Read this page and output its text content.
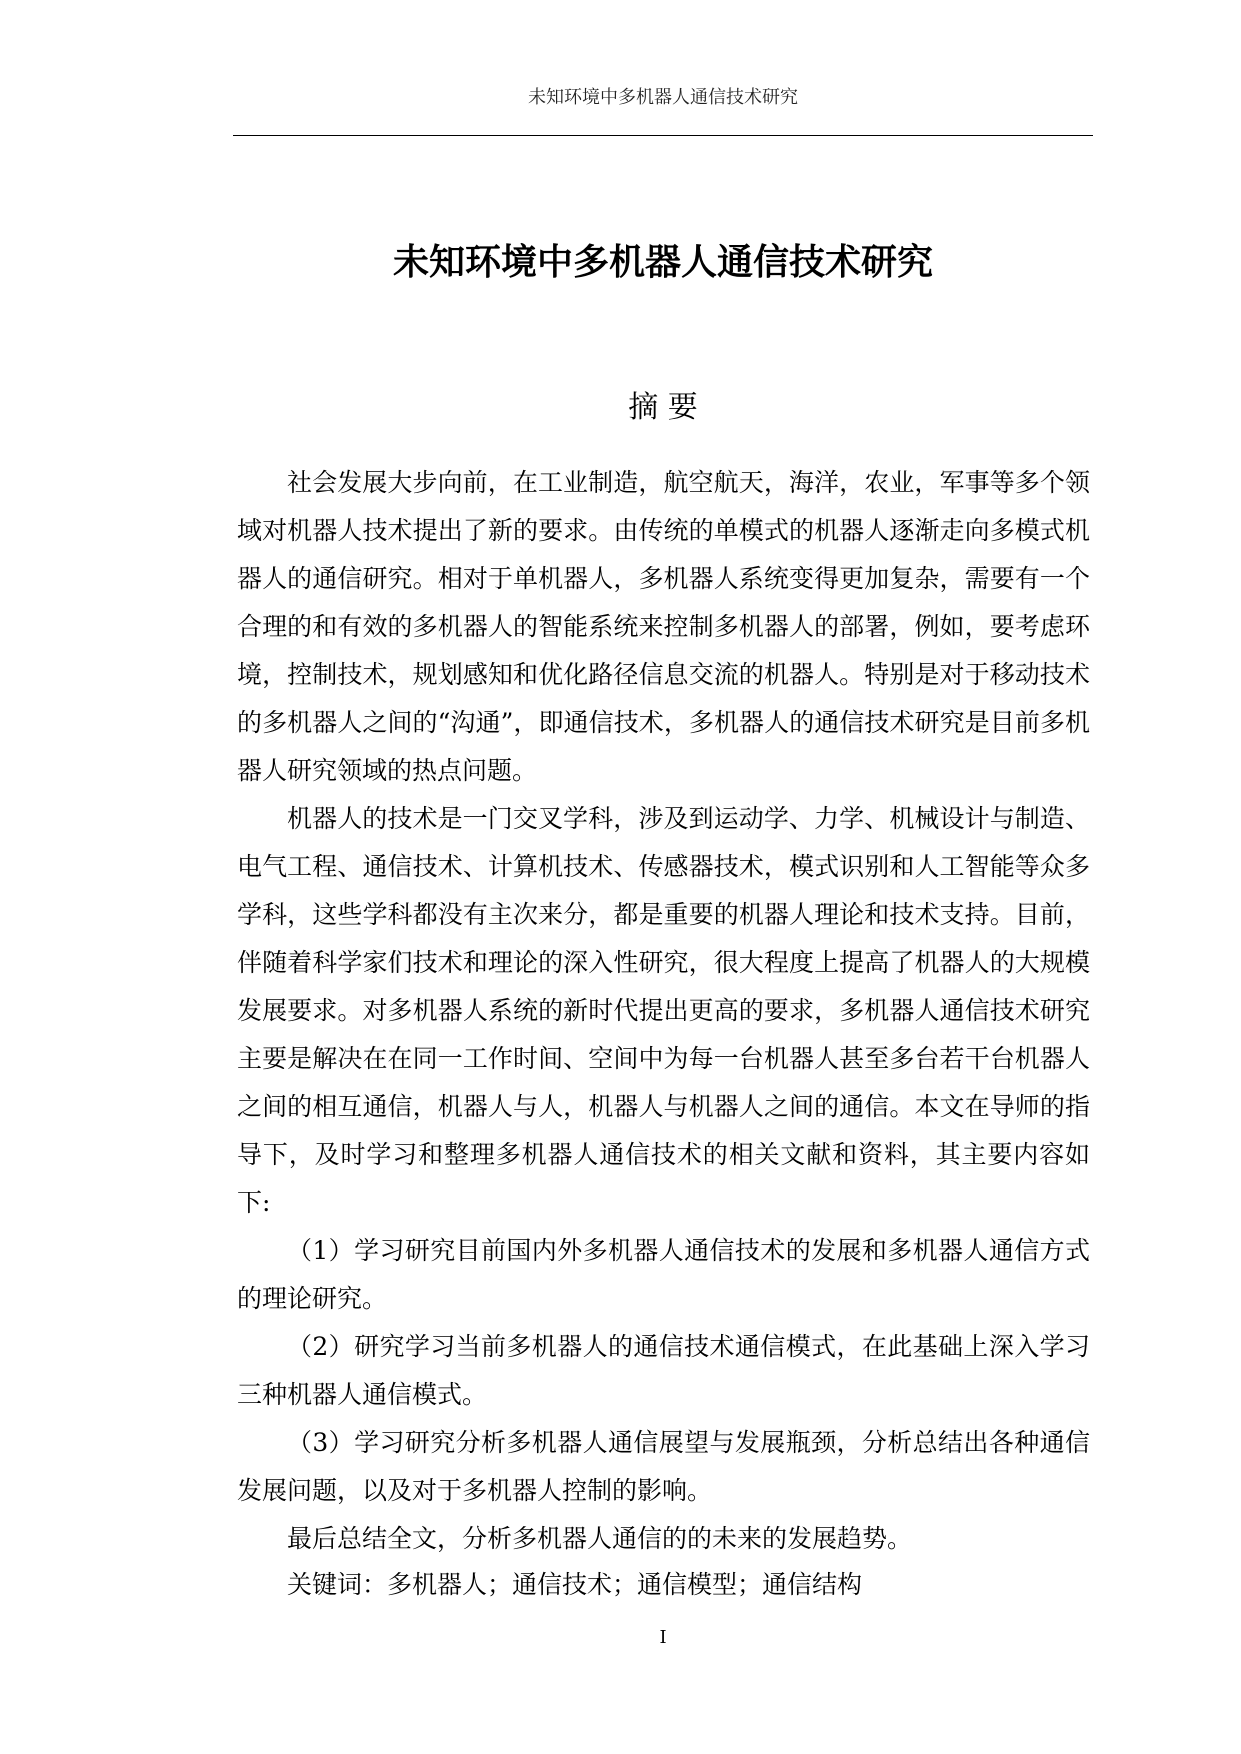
未知环境中多机器人通信技术研究
未知环境中多机器人通信技术研究
摘 要

社会发展大步向前，在工业制造，航空航天，海洋，农业，军事等多个领域对机器人技术提出了新的要求。由传统的单模式的机器人逐渐走向多模式机器人的通信研究。相对于单机器人，多机器人系统变得更加复杂，需要有一个合理的和有效的多机器人的智能系统来控制多机器人的部署，例如，要考虑环境，控制技术，规划感知和优化路径信息交流的机器人。特别是对于移动技术的多机器人之间的“沟通”，即通信技术，多机器人的通信技术研究是目前多机器人研究领域的热点问题。

机器人的技术是一门交叉学科，涉及到运动学、力学、机械设计与制造、电气工程、通信技术、计算机技术、传感器技术，模式识别和人工智能等众多学科，这些学科都没有主次来分，都是重要的机器人理论和技术支持。目前，伴随着科学家们技术和理论的深入性研究，很大程度上提高了机器人的大规模发展要求。对多机器人系统的新时代提出更高的要求，多机器人通信技术研究主要是解决在在同一工作时间、空间中为每一台机器人甚至多台若干台机器人之间的相互通信，机器人与人，机器人与机器人之间的通信。本文在导师的指导下，及时学习和整理多机器人通信技术的相关文献和资料，其主要内容如下:

（1）学习研究目前国内外多机器人通信技术的发展和多机器人通信方式的理论研究。

（2）研究学习当前多机器人的通信技术通信模式，在此基础上深入学习三种机器人通信模式。

（3）学习研究分析多机器人通信展望与发展瓶颈，分析总结出各种通信发展问题，以及对于多机器人控制的影响。

最后总结全文，分析多机器人通信的的未来的发展趋势。

关键词：多机器人；通信技术；通信模型；通信结构

I
